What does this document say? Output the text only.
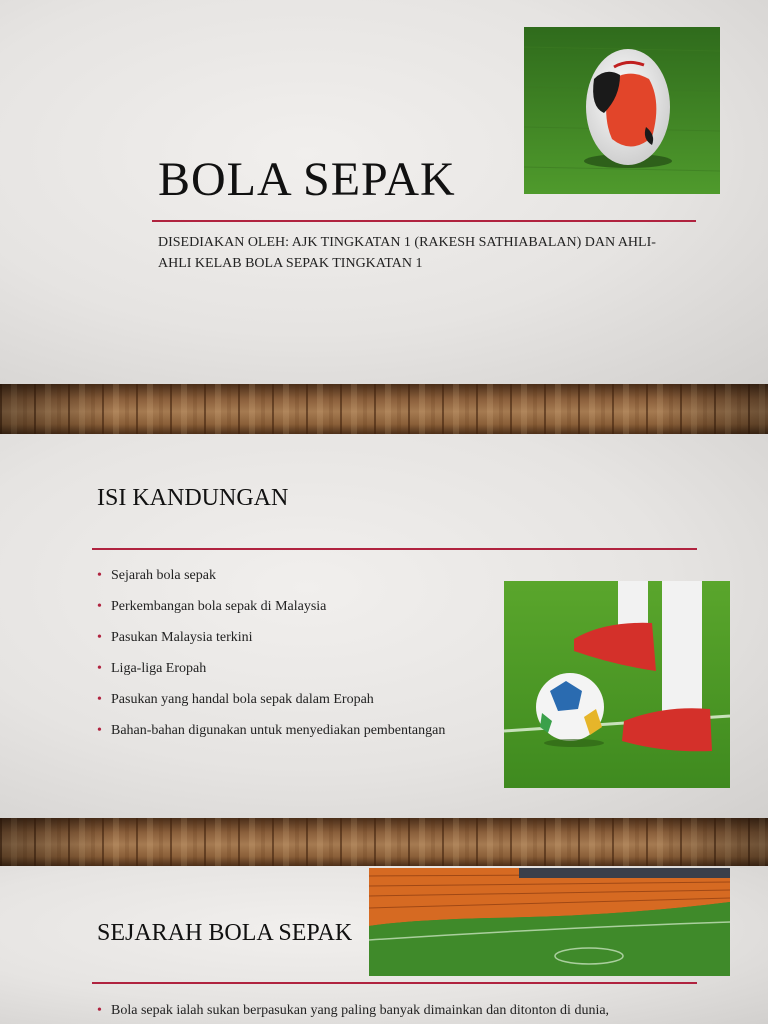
BOLA SEPAK

DISEDIAKAN OLEH: AJK TINGKATAN 1 (RAKESH SATHIABALAN) DAN AHLI-AHLI KELAB BOLA SEPAK TINGKATAN 1

ISI KANDUNGAN
• Sejarah bola sepak
• Perkembangan bola sepak di Malaysia
• Pasukan Malaysia terkini
• Liga-liga Eropah
• Pasukan yang handal bola sepak dalam Eropah
• Bahan-bahan digunakan untuk menyediakan pembentangan
SEJARAH BOLA SEPAK
• Bola sepak ialah sukan berpasukan yang paling banyak dimainkan dan ditonton di dunia,
